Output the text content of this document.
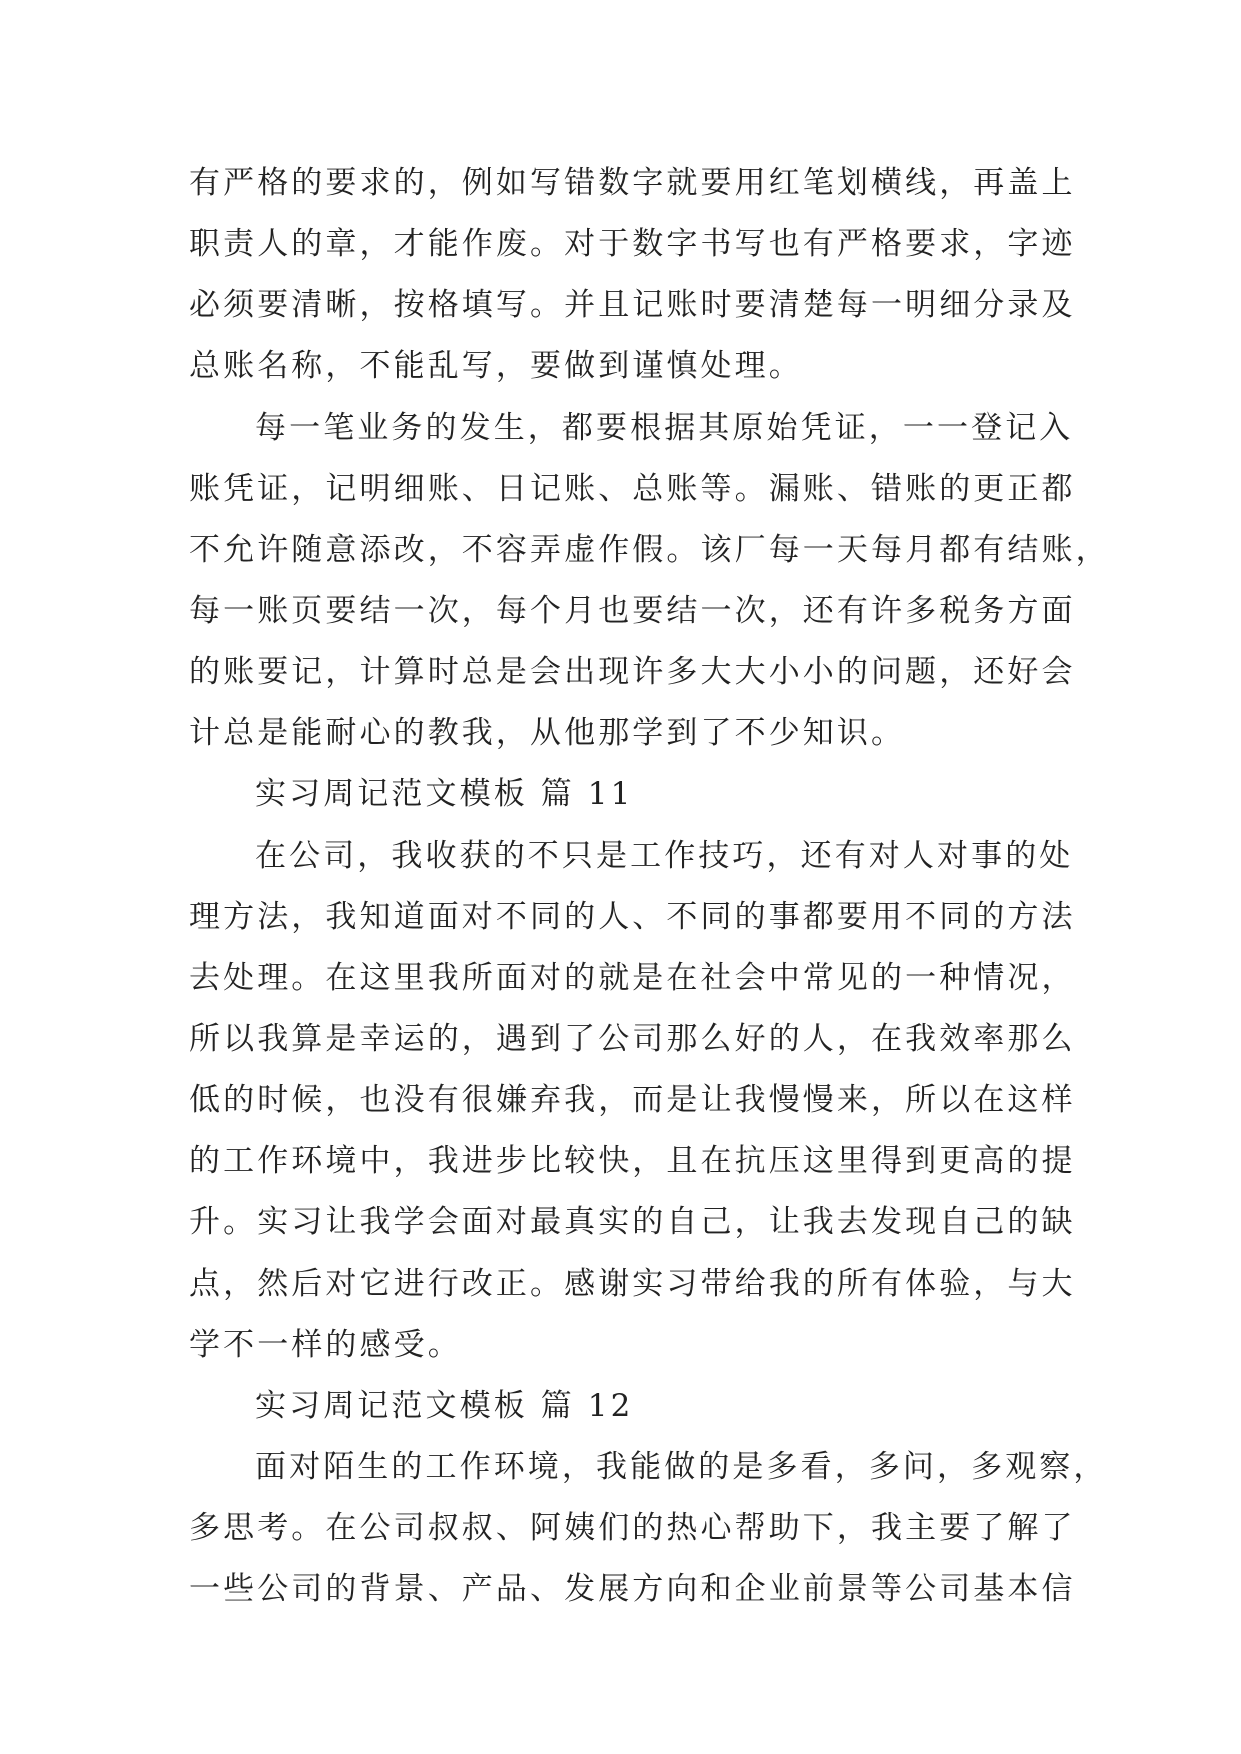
有严格的要求的，例如写错数字就要用红笔划横线，再盖上
职责人的章，才能作废。对于数字书写也有严格要求，字迹
必须要清晰，按格填写。并且记账时要清楚每一明细分录及
总账名称，不能乱写，要做到谨慎处理。
每一笔业务的发生，都要根据其原始凭证，一一登记入
账凭证，记明细账、日记账、总账等。漏账、错账的更正都
不允许随意添改，不容弄虚作假。该厂每一天每月都有结账，
每一账页要结一次，每个月也要结一次，还有许多税务方面
的账要记，计算时总是会出现许多大大小小的问题，还好会
计总是能耐心的教我，从他那学到了不少知识。
实习周记范文模板 篇 11
在公司，我收获的不只是工作技巧，还有对人对事的处
理方法，我知道面对不同的人、不同的事都要用不同的方法
去处理。在这里我所面对的就是在社会中常见的一种情况，
所以我算是幸运的，遇到了公司那么好的人，在我效率那么
低的时候，也没有很嫌弃我，而是让我慢慢来，所以在这样
的工作环境中，我进步比较快，且在抗压这里得到更高的提
升。实习让我学会面对最真实的自己，让我去发现自己的缺
点，然后对它进行改正。感谢实习带给我的所有体验，与大
学不一样的感受。
实习周记范文模板 篇 12
面对陌生的工作环境，我能做的是多看，多问，多观察，
多思考。在公司叔叔、阿姨们的热心帮助下，我主要了解了
一些公司的背景、产品、发展方向和企业前景等公司基本信
